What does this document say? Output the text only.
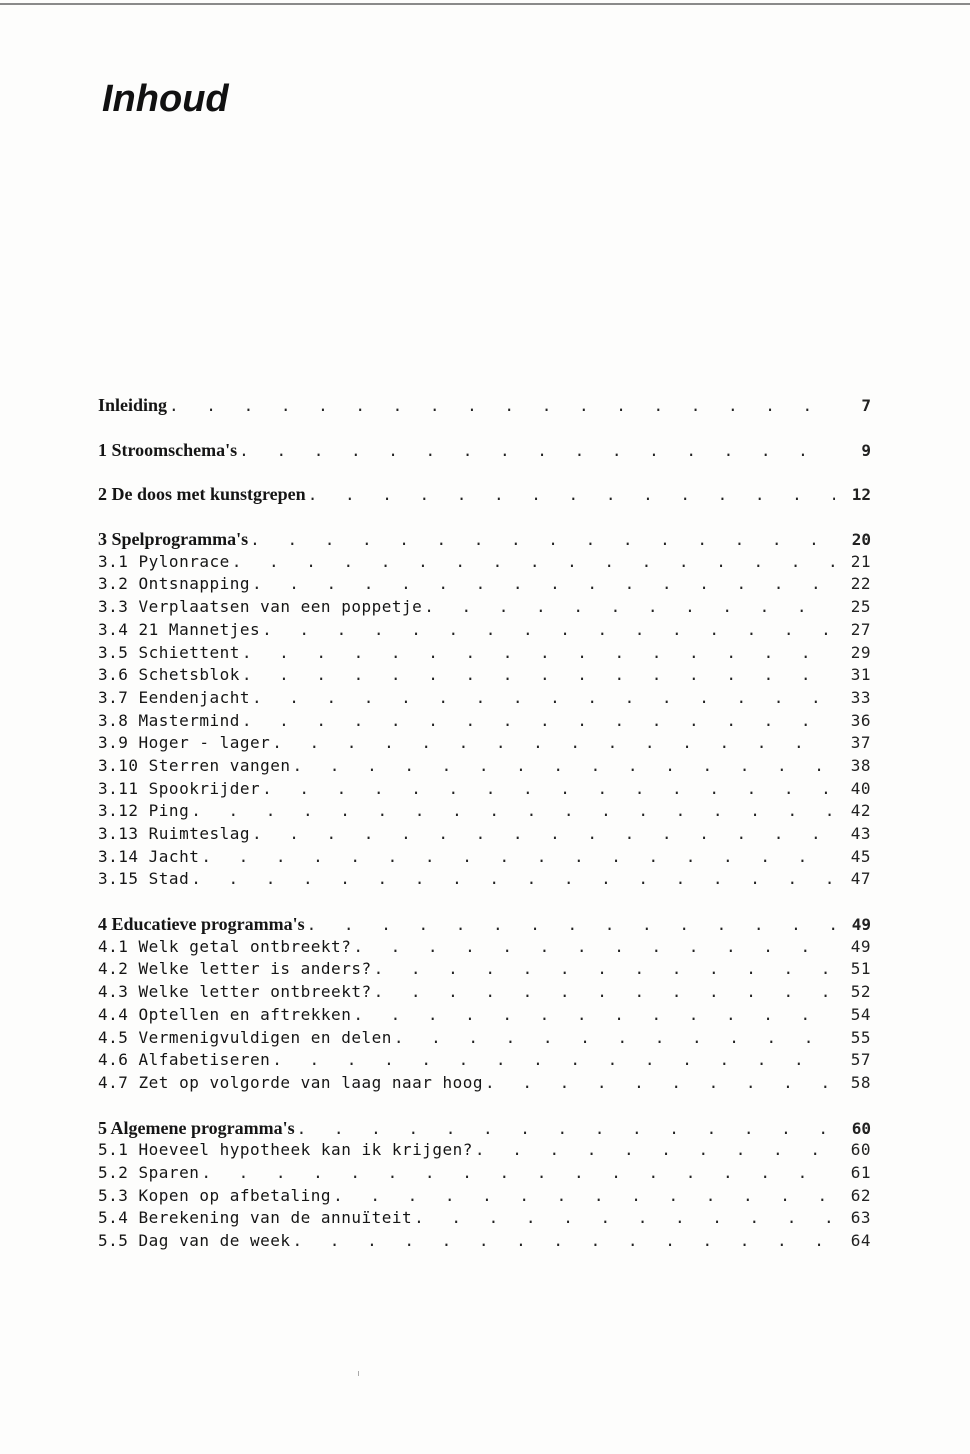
Inhoud
Inleiding . . .	7
1 Stroomschema's . . .	9
2 De doos met kunstgrepen . . .	12
3 Spelprogramma's . . .	20
3.1 Pylonrace . . .	21
3.2 Ontsnapping . . .	22
3.3 Verplaatsen van een poppetje . . .	25
3.4 21 Mannetjes . . .	27
3.5 Schiettent . . .	29
3.6 Schetsblok . . .	31
3.7 Eendenjacht . . .	33
3.8 Mastermind . . .	36
3.9 Hoger - lager . . .	37
3.10 Sterren vangen . . .	38
3.11 Spookrijder . . .	40
3.12 Ping . . .	42
3.13 Ruimteslag . . .	43
3.14 Jacht . . .	45
3.15 Stad . . .	47
4 Educatieve programma's . . .	49
4.1 Welk getal ontbreekt? . . .	49
4.2 Welke letter is anders? . . .	51
4.3 Welke letter ontbreekt? . . .	52
4.4 Optellen en aftrekken . . .	54
4.5 Vermenigvuldigen en delen . . .	55
4.6 Alfabetiseren . . .	57
4.7 Zet op volgorde van laag naar hoog . . .	58
5 Algemene programma's . . .	60
5.1 Hoeveel hypotheek kan ik krijgen? . . .	60
5.2 Sparen . . .	61
5.3 Kopen op afbetaling . . .	62
5.4 Berekening van de annuïteit . . .	63
5.5 Dag van de week . . .	64
